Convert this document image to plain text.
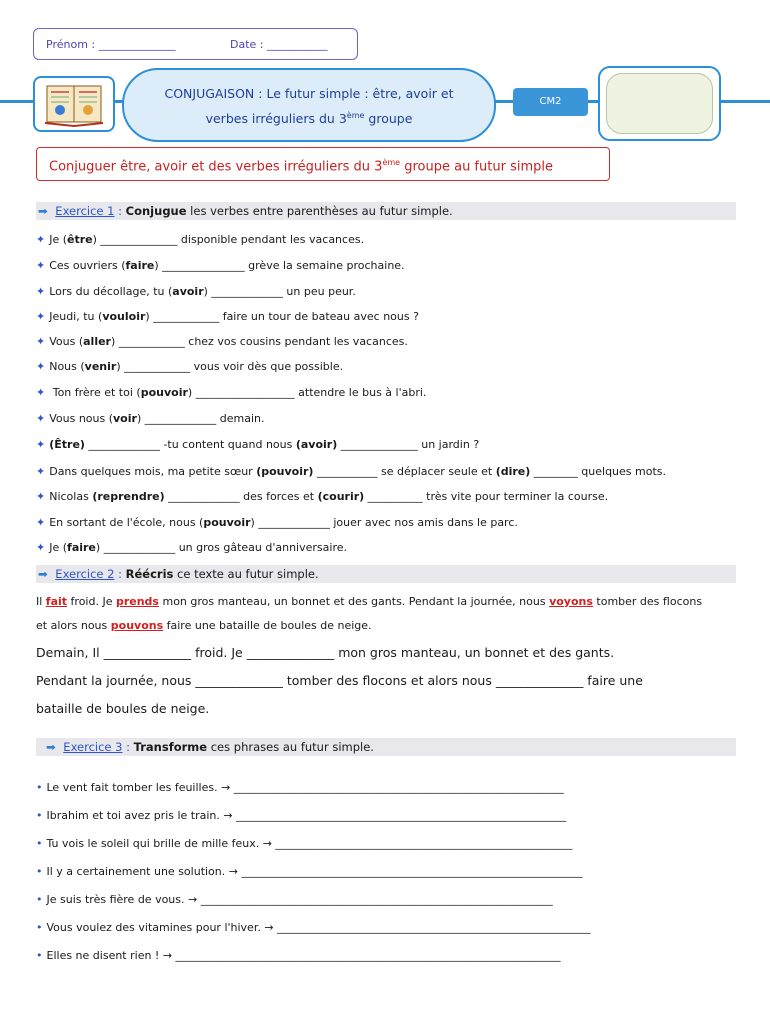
Prénom : ______________	Date : ___________
CONJUGAISON : Le futur simple : être, avoir et
verbes irréguliers du 3ème groupe
CM2
Conjuguer être, avoir et des verbes irréguliers du 3ème groupe au futur simple
➡ Exercice 1 : Conjugue les verbes entre parenthèses au futur simple.
✦ Je (être) ______________ disponible pendant les vacances.
✦ Ces ouvriers (faire) _______________ grève la semaine prochaine.
✦ Lors du décollage, tu (avoir) _____________ un peu peur.
✦ Jeudi, tu (vouloir) ____________ faire un tour de bateau avec nous ?
✦ Vous (aller) ____________ chez vos cousins pendant les vacances.
✦ Nous (venir) ____________ vous voir dès que possible.
✦ Ton frère et toi (pouvoir) __________________ attendre le bus à l'abri.
✦ Vous nous (voir) _____________ demain.
✦ (Être) _____________ -tu content quand nous (avoir) ______________ un jardin ?
✦ Dans quelques mois, ma petite sœur (pouvoir) ___________ se déplacer seule et (dire) ________ quelques mots.
✦ Nicolas (reprendre) _____________ des forces et (courir) __________ très vite pour terminer la course.
✦ En sortant de l'école, nous (pouvoir) _____________ jouer avec nos amis dans le parc.
✦ Je (faire) _____________ un gros gâteau d'anniversaire.
➡ Exercice 2 : Réécris ce texte au futur simple.
Il fait froid. Je prends mon gros manteau, un bonnet et des gants. Pendant la journée, nous voyons tomber des flocons
et alors nous pouvons faire une bataille de boules de neige.
Demain, Il ______________ froid. Je ______________ mon gros manteau, un bonnet et des gants.
Pendant la journée, nous ______________ tomber des flocons et alors nous ______________ faire une
bataille de boules de neige.
➡ Exercice 3 : Transforme ces phrases au futur simple.
• Le vent fait tomber les feuilles. → ____________________________________________________________
• Ibrahim et toi avez pris le train. → ____________________________________________________________
• Tu vois le soleil qui brille de mille feux. → ______________________________________________________
• Il y a certainement une solution. → ______________________________________________________________
• Je suis très fière de vous. → ________________________________________________________________
• Vous voulez des vitamines pour l'hiver. → _________________________________________________________
• Elles ne disent rien ! → ______________________________________________________________________
